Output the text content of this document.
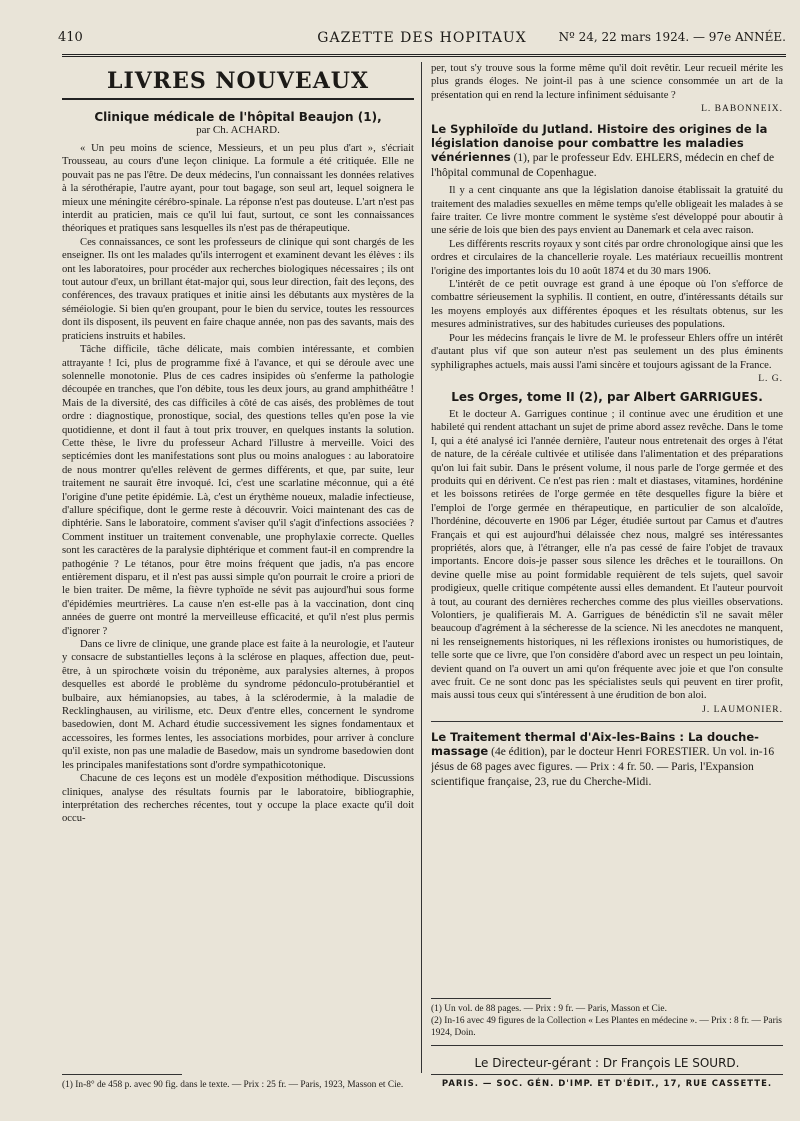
410	GAZETTE DES HOPITAUX	Nº 24, 22 mars 1924. — 97e ANNÉE.
LIVRES NOUVEAUX
Clinique médicale de l'hôpital Beaujon (1),
par Ch. ACHARD.

« Un peu moins de science, Messieurs, et un peu plus d'art », s'écriait Trousseau, au cours d'une leçon clinique. La formule a été critiquée. Elle ne pouvait pas ne pas l'être. De deux médecins, l'un connaissant les données relatives à la sérothérapie, l'autre ayant, pour tout bagage, son seul art, lequel soignera le mieux une méningite cérébro-spinale. La réponse n'est pas douteuse. L'art n'est pas interdit au praticien, mais ce qu'il lui faut, surtout, ce sont les connaissances théoriques et pratiques sans lesquelles ils n'est pas de thérapeutique.

Ces connaissances, ce sont les professeurs de clinique qui sont chargés de les enseigner. Ils ont les malades qu'ils interrogent et examinent devant les élèves : ils ont les laboratoires, pour procéder aux recherches biologiques nécessaires ; ils ont tout autour d'eux, un brillant état-major qui, sous leur direction, fait des leçons, des conférences, des travaux pratiques et initie ainsi les débutants aux mystères de la séméiologie. Si bien qu'en groupant, pour le bien du service, toutes les ressources dont ils disposent, ils peuvent en faire chaque année, non pas des savants, mais des praticiens instruits et habiles.

Tâche difficile, tâche délicate, mais combien intéressante, et combien attrayante ! Ici, plus de programme fixé à l'avance, et qui se déroule avec une solennelle monotonie. Plus de ces cadres insipides où s'enferme la pathologie découpée en tranches, que l'on débite, tous les deux jours, au grand amphithéâtre ! Mais de la diversité, des cas difficiles à côté de cas aisés, des problèmes de tout ordre : diagnostique, pronostique, social, des questions telles qu'en pose la vie quotidienne, et dont il faut à tout prix trouver, en quelques instants la solution. Cette thèse, le livre du professeur Achard l'illustre à merveille. Voici des septicémies dont les manifestations sont plus ou moins analogues : au laboratoire de nous montrer qu'elles relèvent de germes différents, et que, par suite, leur traitement ne saurait être invoqué. Ici, c'est une scarlatine méconnue, qui a été l'origine d'une petite épidémie. Là, c'est un érythème noueux, maladie infectieuse, d'allure spécifique, dont le germe reste à découvrir. Voici maintenant des cas de diphtérie. Sans le laboratoire, comment s'aviser qu'il s'agit d'infections associées ? Comment instituer un traitement convenable, une prophylaxie correcte. Quelles sont les caractères de la paralysie diphtérique et comment faut-il en comprendre la pathogénie ? Le tétanos, pour être moins fréquent que jadis, n'a pas encore entièrement disparu, et il n'est pas aussi simple qu'on pourrait le croire a priori de le bien traiter. De même, la fièvre typhoïde ne sévit pas aujourd'hui sous forme d'épidémies meurtrières. La cause n'en est-elle pas à la vaccination, dont cinq années de guerre ont montré la merveilleuse efficacité, et qu'il n'est plus permis d'ignorer ?

Dans ce livre de clinique, une grande place est faite à la neurologie, et l'auteur y consacre de substantielles leçons à la sclérose en plaques, affection due, peut-être, à un spirochœte voisin du tréponème, aux paralysies alternes, à propos desquelles est abordé le problème du syndrome pédonculo-protubérantiel et bulbaire, aux hémianopsies, au tabes, à la sclérodermie, à la maladie de Recklinghausen, au virilisme, etc. Deux d'entre elles, concernent le syndrome basedowien, dont M. Achard étudie successivement les signes fondamentaux et accessoires, les formes lentes, les associations morbides, pour arriver à conclure qu'il existe, non pas une maladie de Basedow, mais un syndrome basedowien dont les principales manifestations sont d'ordre sympathicotonique.

Chacune de ces leçons est un modèle d'exposition méthodique. Discussions cliniques, analyse des résultats fournis par le laboratoire, bibliographie, interprétation des recherches récentes, tout y occupe la place exacte qu'il doit occu-

(1) In-8° de 458 p. avec 90 fig. dans le texte. — Prix : 25 fr. — Paris, 1923, Masson et Cie.

per, tout s'y trouve sous la forme même qu'il doit revêtir. Leur recueil mérite les plus grands éloges. Ne joint-il pas à une science consommée un art de la présentation qui en rend la lecture infiniment séduisante ?

L. BABONNEIX.
Le Syphiloïde du Jutland. Histoire des origines de la législation danoise pour combattre les maladies vénériennes (1), par le professeur Edv. EHLERS, médecin en chef de l'hôpital communal de Copenhague.

Il y a cent cinquante ans que la législation danoise établissait la gratuité du traitement des maladies sexuelles en même temps qu'elle obligeait les malades à se faire traiter. Ce livre montre comment le système s'est développé pour aboutir à une série de lois que bien des pays envient au Danemark et cela avec raison.

Les différents rescrits royaux y sont cités par ordre chronologique ainsi que les ordres et circulaires de la chancellerie royale. Les matériaux recueillis montrent l'origine des importantes lois du 10 août 1874 et du 30 mars 1906.

L'intérêt de ce petit ouvrage est grand à une époque où l'on s'efforce de combattre sérieusement la syphilis. Il contient, en outre, d'intéressants détails sur les moyens employés aux différentes époques et les résultats obtenus, sur les mesures administratives, sur des habitudes curieuses des populations.

Pour les médecins français le livre de M. le professeur Ehlers offre un intérêt d'autant plus vif que son auteur n'est pas seulement un des plus éminents syphiligraphes actuels, mais aussi l'ami sincère et toujours agissant de la France.

L. G.
Les Orges, tome II (2), par Albert GARRIGUES.

Et le docteur A. Garrigues continue ; il continue avec une érudition et une habileté qui rendent attachant un sujet de prime abord assez revêche. Dans le tome I, qui a été analysé ici l'année dernière, l'auteur nous entretenait des orges à l'état de nature, de la céréale cultivée et utilisée dans l'alimentation et des préparations qu'on lui fait subir. Dans le présent volume, il nous parle de l'orge germée et des produits qui en dérivent. Ce n'est pas rien : malt et diastases, vitamines, hordénine et les boissons retirées de l'orge germée en tête desquelles figure la bière et l'emploi de l'orge germée en thérapeutique, en particulier de son alcaloïde, l'hordénine, découverte en 1906 par Léger, étudiée surtout par Camus et d'autres Français et qui est aujourd'hui délaissée chez nous, malgré ses intéressantes propriétés, alors que, à l'étranger, elle n'a pas cessé de faire l'objet de travaux importants. Encore dois-je passer sous silence les drêches et le touraillons. On devine quelle mise au point formidable requièrent de tels sujets, quel savoir prodigieux, quelle critique compétente aussi elles demandent. Et l'auteur pourvoit à tout, au courant des dernières recherches comme des plus vieilles observations. Volontiers, je qualifierais M. A. Garrigues de bénédictin s'il ne savait mêler beaucoup d'agrément à la sécheresse de la science. Ni les anecdotes ne manquent, ni les renseignements historiques, ni les réflexions ironistes ou humoristiques, de telle sorte que ce livre, que l'on considère d'abord avec un respect un peu lointain, devient quand on l'a ouvert un ami qu'on fréquente avec joie et que l'on consulte avec fruit. Ce ne sont donc pas les spécialistes seuls qui peuvent en tirer profit, mais aussi tous ceux qui s'intéressent à une érudition de bon aloi.

J. LAUMONIER.
Le Traitement thermal d'Aix-les-Bains : La douche-massage (4e édition), par le docteur Henri FORESTIER. Un vol. in-16 jésus de 68 pages avec figures. — Prix : 4 fr. 50. — Paris, l'Expansion scientifique française, 23, rue du Cherche-Midi.

(1) Un vol. de 88 pages. — Prix : 9 fr. — Paris, Masson et Cie.

(2) In-16 avec 49 figures de la Collection « Les Plantes en médecine ». — Prix : 8 fr. — Paris 1924, Doin.

Le Directeur-gérant : Dr François LE SOURD.
PARIS. — SOC. GÉN. D'IMP. ET D'ÉDIT., 17, RUE CASSETTE.
